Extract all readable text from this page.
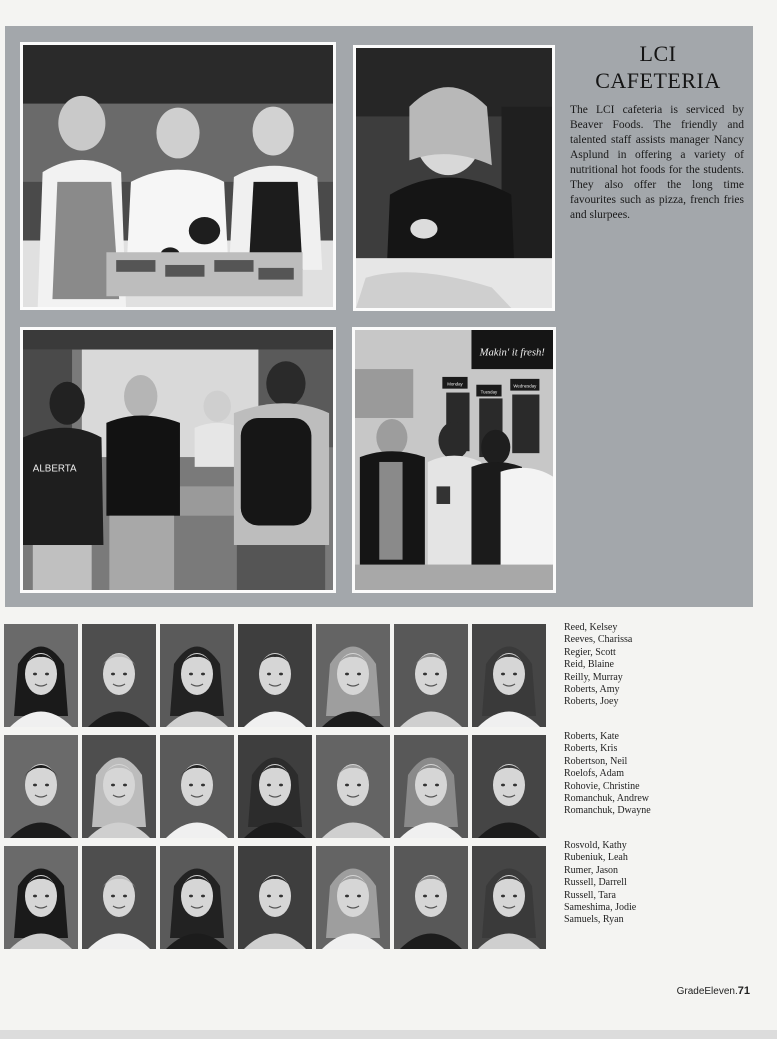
LCI
CAFETERIA
The LCI cafeteria is serviced by Beaver Foods. The friendly and talented staff assists manager Nancy Asplund in offering a variety of nutritional hot foods for the students. They also offer the long time favourites such as pizza, french fries and slurpees.
ALBERTA
Makin' it fresh!
Monday
Tuesday
Wednesday
Reed, Kelsey
Reeves, Charissa
Regier, Scott
Reid, Blaine
Reilly, Murray
Roberts, Amy
Roberts, Joey
Roberts, Kate
Roberts, Kris
Robertson, Neil
Roelofs, Adam
Rohovie, Christine
Romanchuk, Andrew
Romanchuk, Dwayne
Rosvold, Kathy
Rubeniuk, Leah
Rumer, Jason
Russell, Darrell
Russell, Tara
Sameshima, Jodie
Samuels, Ryan
GradeEleven.71
